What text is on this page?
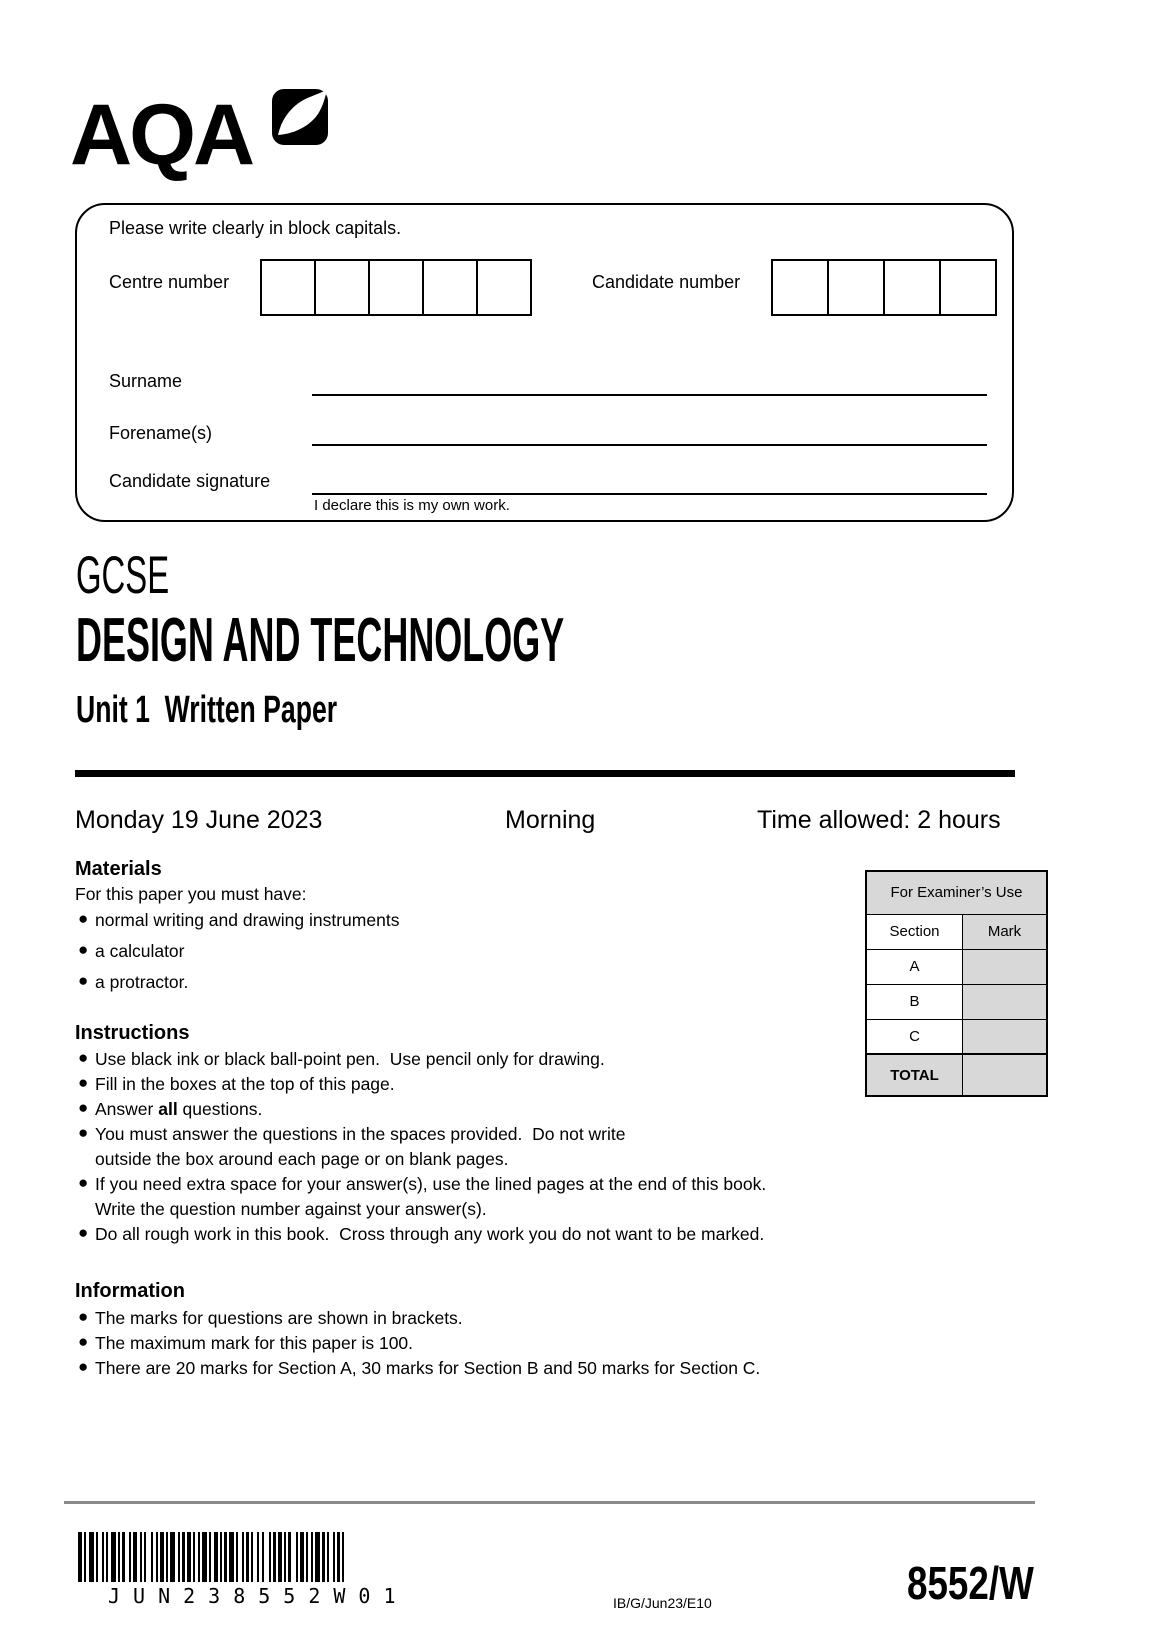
AQA
Please write clearly in block capitals.
Centre number	Candidate number
Surname
Forename(s)
Candidate signature
I declare this is my own work.
GCSE
DESIGN AND TECHNOLOGY
Unit 1  Written Paper
Monday 19 June 2023	Morning	Time allowed: 2 hours
Materials
For this paper you must have:
● normal writing and drawing instruments
● a calculator
● a protractor.
For Examiner’s Use	
Section	Mark
A	
B	
C	
TOTAL	
Instructions
● Use black ink or black ball-point pen.  Use pencil only for drawing.
● Fill in the boxes at the top of this page.
● Answer all questions.
● You must answer the questions in the spaces provided.  Do not write
outside the box around each page or on blank pages.
● If you need extra space for your answer(s), use the lined pages at the end of this book.
Write the question number against your answer(s).
● Do all rough work in this book.  Cross through any work you do not want to be marked.
Information
● The marks for questions are shown in brackets.
● The maximum mark for this paper is 100.
● There are 20 marks for Section A, 30 marks for Section B and 50 marks for Section C.
JUN238552W01	IB/G/Jun23/E10	8552/W
